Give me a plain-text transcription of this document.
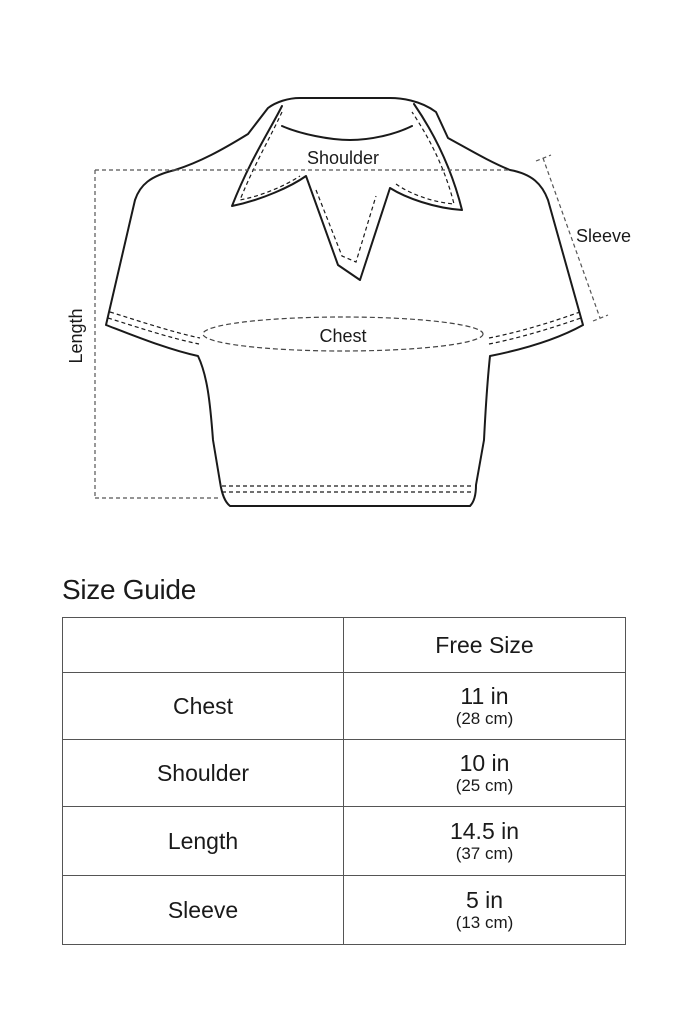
Shoulder
Sleeve
Chest
Length
Size Guide
	Free Size
Chest	11 in
(28 cm)

Shoulder	10 in
(25 cm)

Length	14.5 in
(37 cm)

Sleeve	5 in
(13 cm)
